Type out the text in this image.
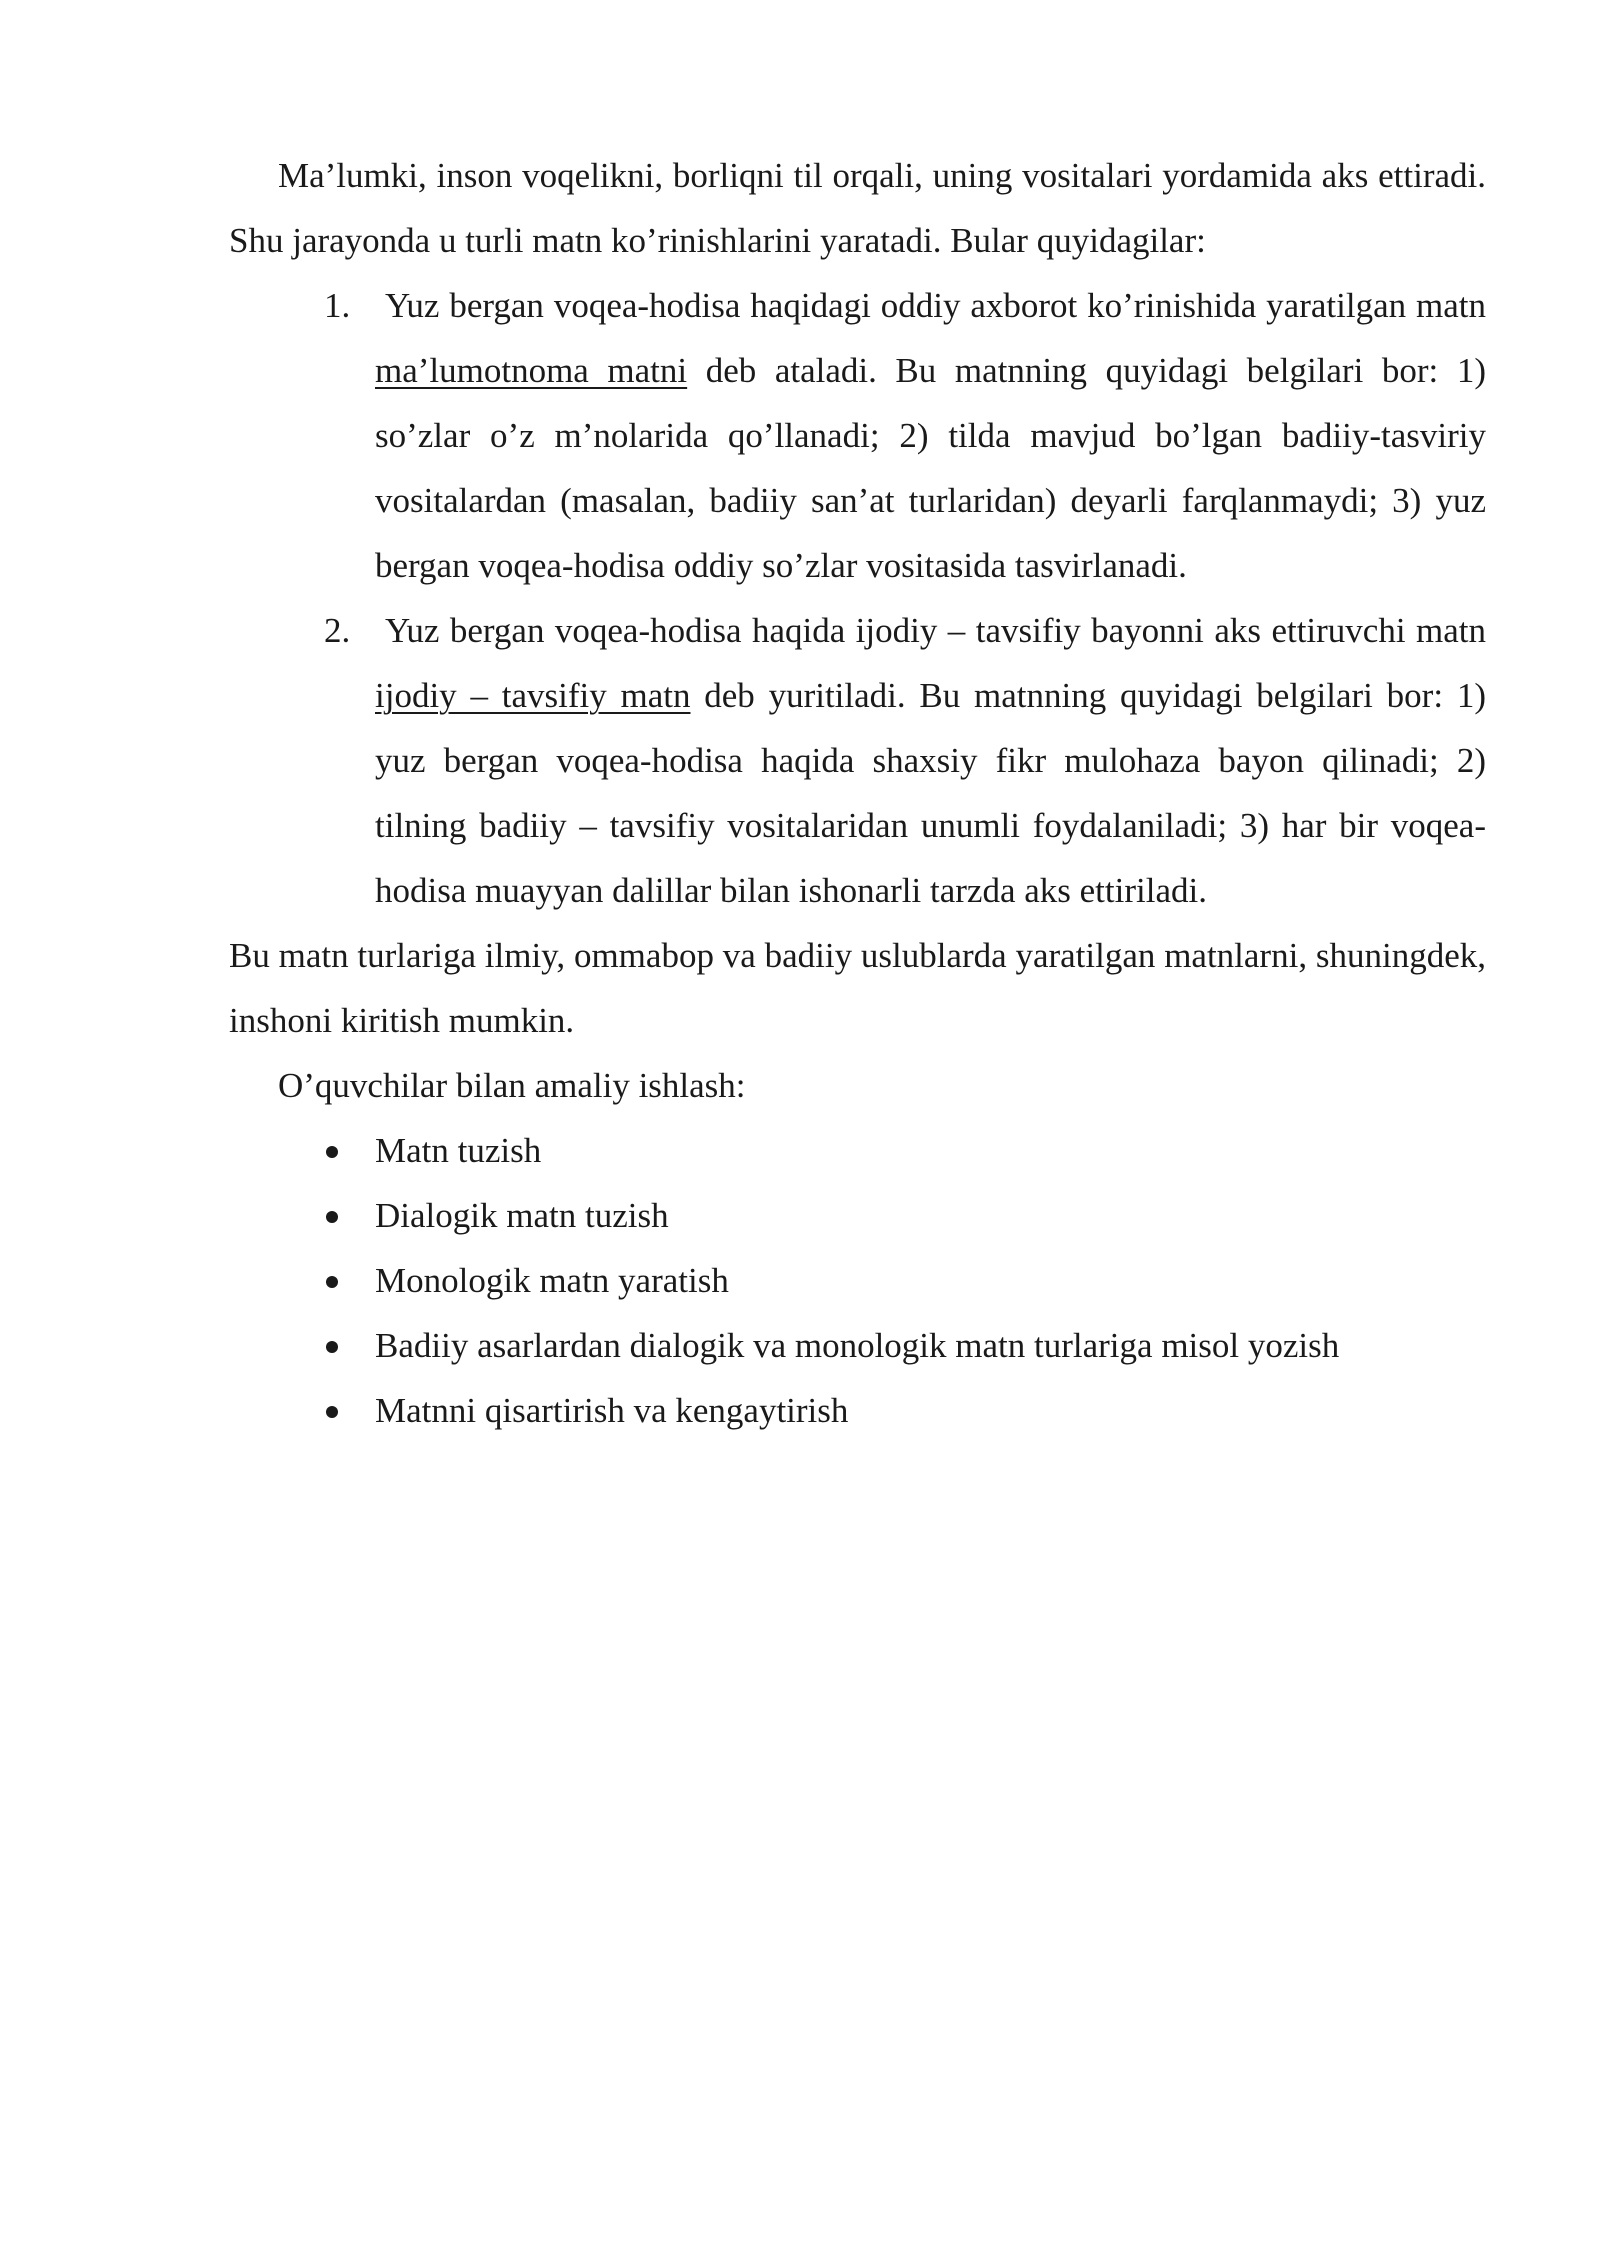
Ma’lumki, inson voqelikni, borliqni til orqali, uning vositalari yordamida aks ettiradi. Shu jarayonda u turli matn ko’rinishlarini yaratadi. Bular quyidagilar:

1. Yuz bergan voqea-hodisa haqidagi oddiy axborot ko’rinishida yaratilgan matn ma’lumotnoma matni deb ataladi. Bu matnning quyidagi belgilari bor: 1) so’zlar o’z m’nolarida qo’llanadi; 2) tilda mavjud bo’lgan badiiy-tasviriy vositalardan (masalan, badiiy san’at turlaridan) deyarli farqlanmaydi; 3) yuz bergan voqea-hodisa oddiy so’zlar vositasida tasvirlanadi.
2. Yuz bergan voqea-hodisa haqida ijodiy – tavsifiy bayonni aks ettiruvchi matn ijodiy – tavsifiy matn deb yuritiladi. Bu matnning quyidagi belgilari bor: 1) yuz bergan voqea-hodisa haqida shaxsiy fikr mulohaza bayon qilinadi; 2) tilning badiiy – tavsifiy vositalaridan unumli foydalaniladi; 3) har bir voqea-hodisa muayyan dalillar bilan ishonarli tarzda aks ettiriladi.

Bu matn turlariga ilmiy, ommabop va badiiy uslublarda yaratilgan matnlarni, shuningdek, inshoni kiritish mumkin.

O’quvchilar bilan amaliy ishlash:

Matn tuzish
Dialogik matn tuzish
Monologik matn yaratish
Badiiy asarlardan dialogik va monologik matn turlariga misol yozish
Matnni qisartirish va kengaytirish
